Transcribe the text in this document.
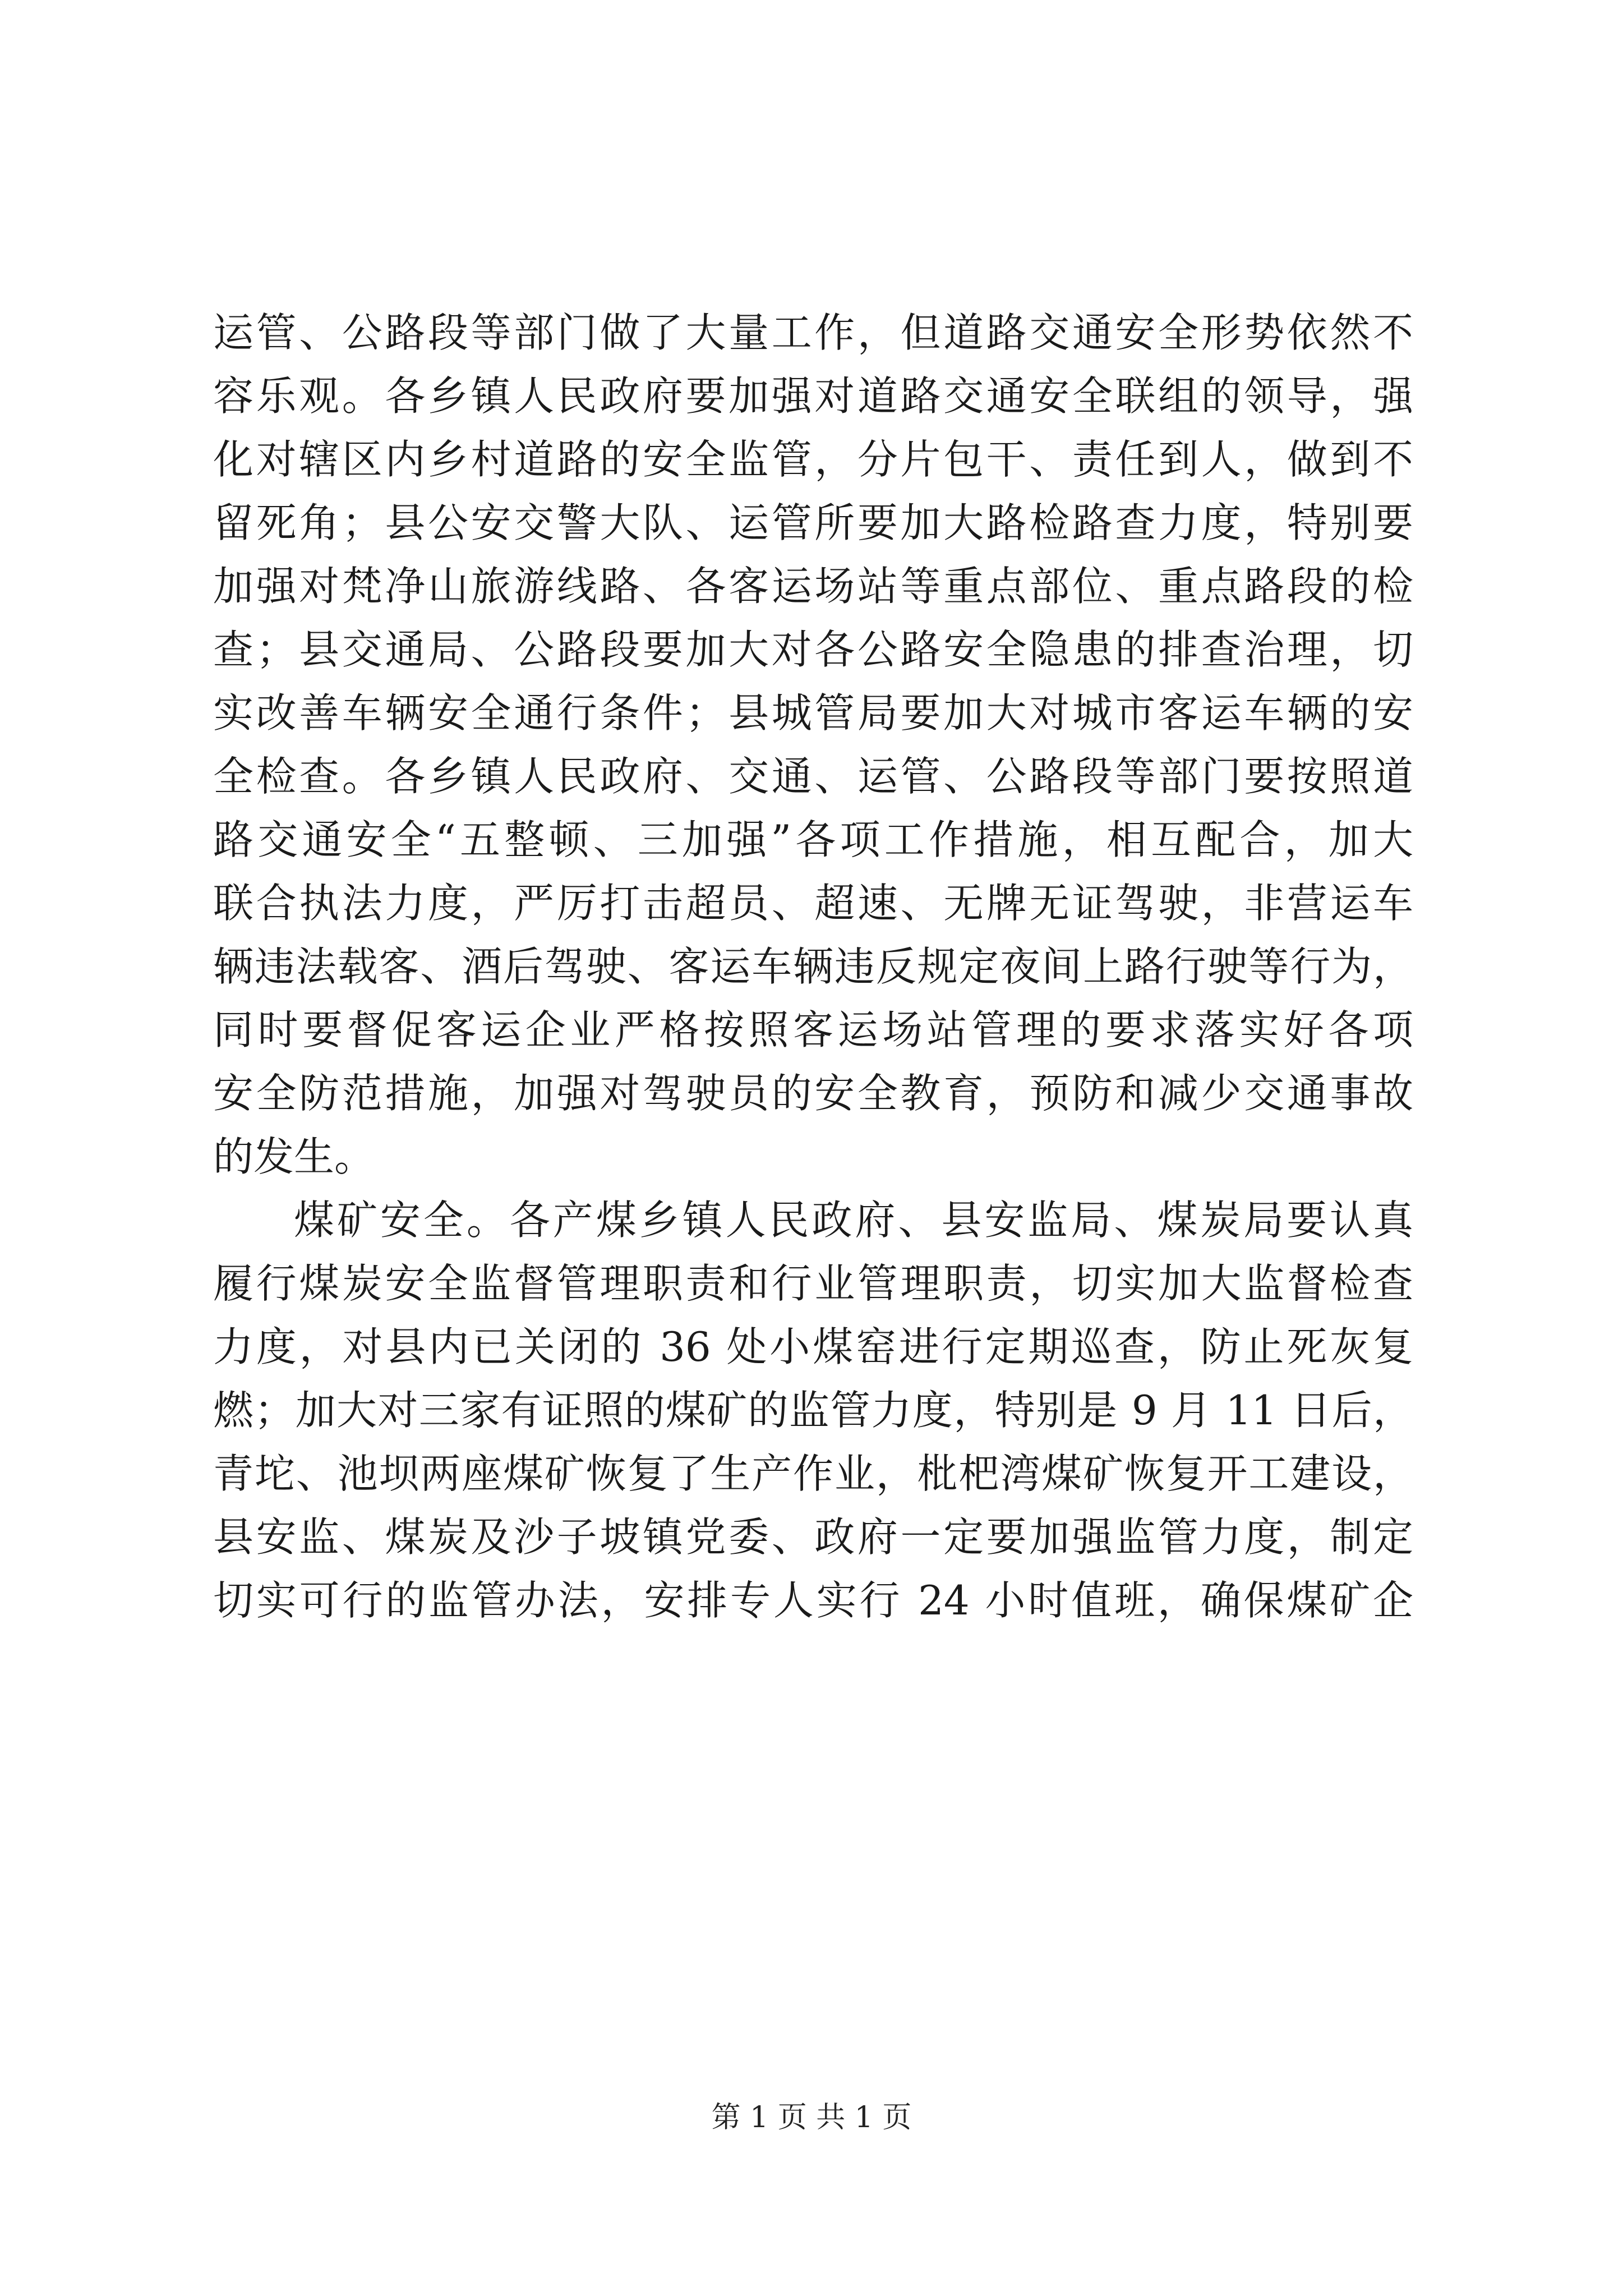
运管、公路段等部门做了大量工作，但道路交通安全形势依然不
容乐观。各乡镇人民政府要加强对道路交通安全联组的领导，强
化对辖区内乡村道路的安全监管，分片包干、责任到人，做到不
留死角；县公安交警大队、运管所要加大路检路查力度，特别要
加强对梵净山旅游线路、各客运场站等重点部位、重点路段的检
查；县交通局、公路段要加大对各公路安全隐患的排查治理，切
实改善车辆安全通行条件；县城管局要加大对城市客运车辆的安
全检查。各乡镇人民政府、交通、运管、公路段等部门要按照道
路交通安全“五整顿、三加强”各项工作措施，相互配合，加大
联合执法力度，严厉打击超员、超速、无牌无证驾驶，非营运车
辆违法载客、酒后驾驶、客运车辆违反规定夜间上路行驶等行为，
同时要督促客运企业严格按照客运场站管理的要求落实好各项
安全防范措施，加强对驾驶员的安全教育，预防和减少交通事故
的发生。
煤矿安全。各产煤乡镇人民政府、县安监局、煤炭局要认真
履行煤炭安全监督管理职责和行业管理职责，切实加大监督检查
力度，对县内已关闭的 36 处小煤窑进行定期巡查，防止死灰复
燃；加大对三家有证照的煤矿的监管力度，特别是 9 月 11 日后，
青坨、池坝两座煤矿恢复了生产作业，枇杷湾煤矿恢复开工建设，
县安监、煤炭及沙子坡镇党委、政府一定要加强监管力度，制定
切实可行的监管办法，安排专人实行 24 小时值班，确保煤矿企
第 1 页 共 1 页
